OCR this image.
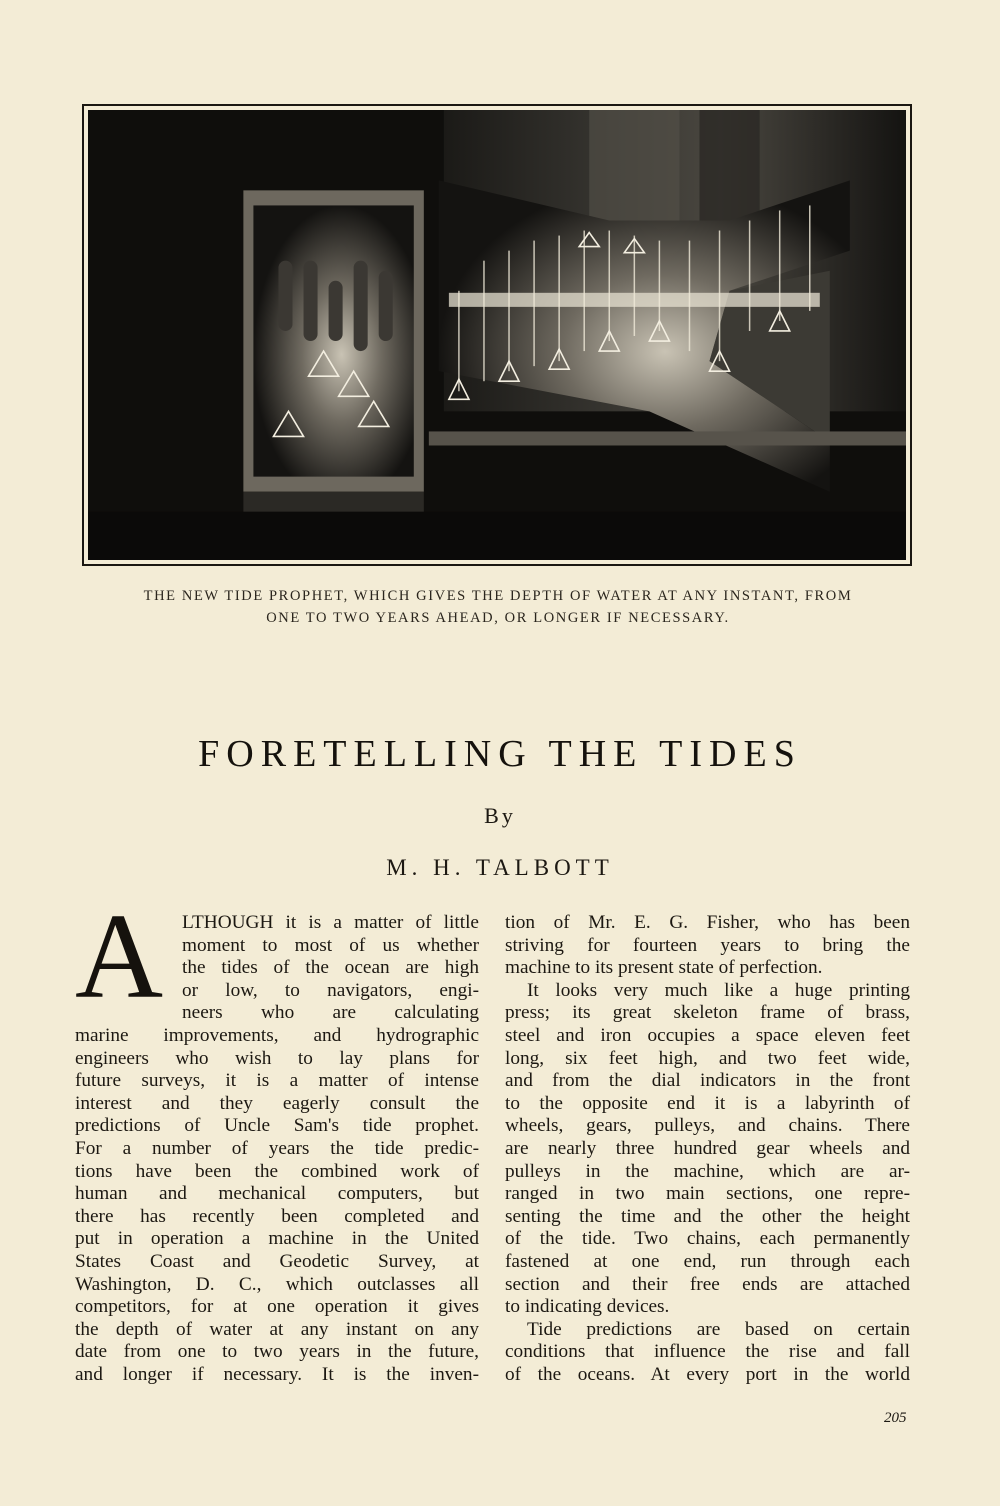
THE NEW TIDE PROPHET, WHICH GIVES THE DEPTH OF WATER AT ANY INSTANT, FROM
ONE TO TWO YEARS AHEAD, OR LONGER IF NECESSARY.
FORETELLING THE TIDES
By
M. H. TALBOTT
A LTHOUGH it is a matter of little
moment to most of us whether
the tides of the ocean are high
or low, to navigators, engi-
neers who are calculating
marine improvements, and hydrographic
engineers who wish to lay plans for
future surveys, it is a matter of intense
interest and they eagerly consult the
predictions of Uncle Sam's tide prophet.
For a number of years the tide predic-
tions have been the combined work of
human and mechanical computers, but
there has recently been completed and
put in operation a machine in the United
States Coast and Geodetic Survey, at
Washington, D. C., which outclasses all
competitors, for at one operation it gives
the depth of water at any instant on any
date from one to two years in the future,
and longer if necessary. It is the inven-
tion of Mr. E. G. Fisher, who has been
striving for fourteen years to bring the
machine to its present state of perfection.
It looks very much like a huge printing
press; its great skeleton frame of brass,
steel and iron occupies a space eleven feet
long, six feet high, and two feet wide,
and from the dial indicators in the front
to the opposite end it is a labyrinth of
wheels, gears, pulleys, and chains. There
are nearly three hundred gear wheels and
pulleys in the machine, which are ar-
ranged in two main sections, one repre-
senting the time and the other the height
of the tide. Two chains, each permanently
fastened at one end, run through each
section and their free ends are attached
to indicating devices.
Tide predictions are based on certain
conditions that influence the rise and fall
of the oceans. At every port in the world
205
